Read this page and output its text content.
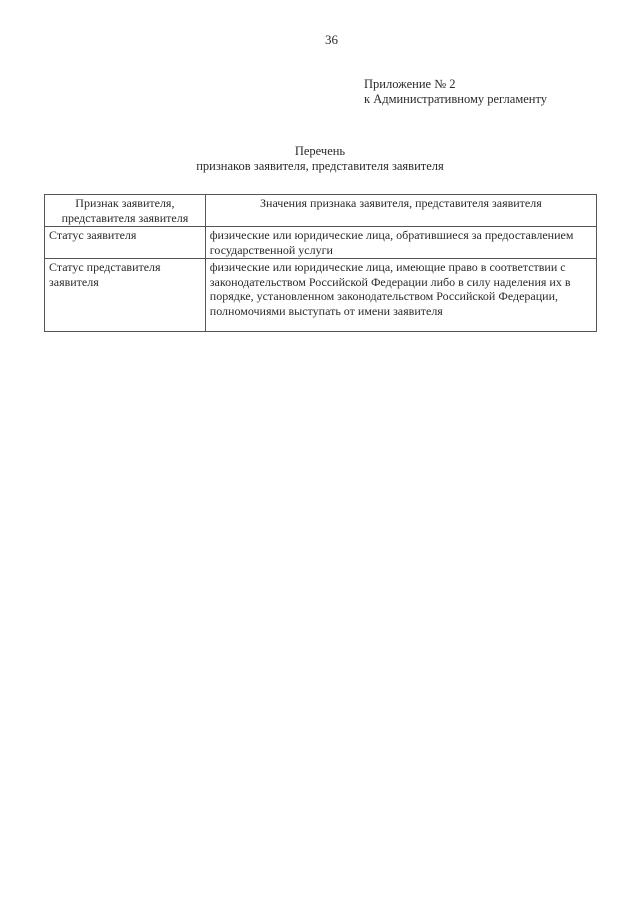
36
Приложение № 2
к Административному регламенту
Перечень
признаков заявителя, представителя заявителя
Признак заявителя, представителя заявителя	Значения признака заявителя, представителя заявителя
Статус заявителя	физические или юридические лица, обратившиеся за предоставлением государственной услуги
Статус представителя заявителя	физические или юридические лица, имеющие право в соответствии с законодательством Российской Федерации либо в силу наделения их в порядке, установленном законодательством Российской Федерации, полномочиями выступать от имени заявителя
